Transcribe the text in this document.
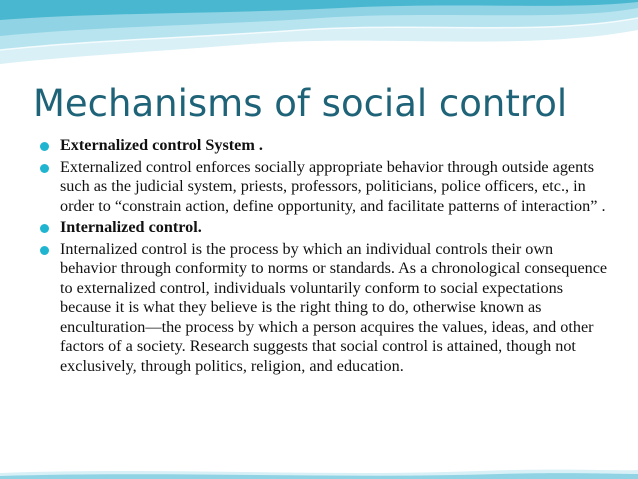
Mechanisms of social control
Externalized control System .
Externalized control enforces socially appropriate behavior through outside agents such as the judicial system, priests, professors, politicians, police officers, etc., in order to “constrain action, define opportunity, and facilitate patterns of interaction” .
Internalized control.
Internalized control is the process by which an individual controls their own behavior through conformity to norms or standards. As a chronological consequence to externalized control, individuals voluntarily conform to social expectations because it is what they believe is the right thing to do, otherwise known as enculturation—the process by which a person acquires the values, ideas, and other factors of a society. Research suggests that social control is attained, though not exclusively, through politics, religion, and education.
